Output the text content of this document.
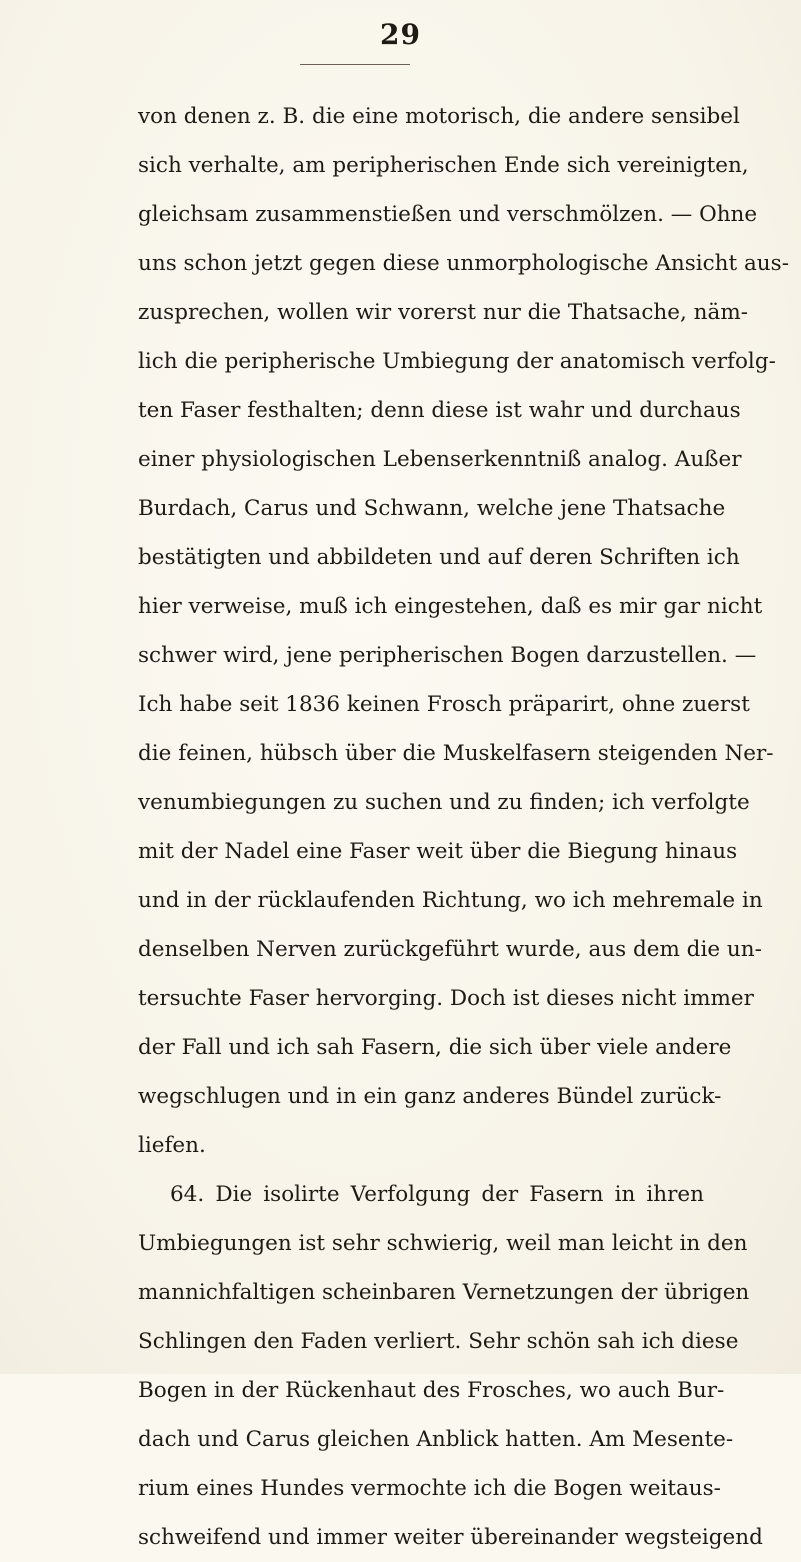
29
von denen z. B. die eine motorisch, die andere sensibel
sich verhalte, am peripherischen Ende sich vereinigten,
gleichsam zusammenstießen und verschmölzen. — Ohne
uns schon jetzt gegen diese unmorphologische Ansicht aus-
zusprechen, wollen wir vorerst nur die Thatsache, näm-
lich die peripherische Umbiegung der anatomisch verfolg-
ten Faser festhalten; denn diese ist wahr und durchaus
einer physiologischen Lebenserkenntniß analog. Außer
Burdach, Carus und Schwann, welche jene Thatsache
bestätigten und abbildeten und auf deren Schriften ich
hier verweise, muß ich eingestehen, daß es mir gar nicht
schwer wird, jene peripherischen Bogen darzustellen. —
Ich habe seit 1836 keinen Frosch präparirt, ohne zuerst
die feinen, hübsch über die Muskelfasern steigenden Ner-
venumbiegungen zu suchen und zu finden; ich verfolgte
mit der Nadel eine Faser weit über die Biegung hinaus
und in der rücklaufenden Richtung, wo ich mehremale in
denselben Nerven zurückgeführt wurde, aus dem die un-
tersuchte Faser hervorging. Doch ist dieses nicht immer
der Fall und ich sah Fasern, die sich über viele andere
wegschlugen und in ein ganz anderes Bündel zurück-
liefen.
64. Die isolirte Verfolgung der Fasern in ihren
Umbiegungen ist sehr schwierig, weil man leicht in den
mannichfaltigen scheinbaren Vernetzungen der übrigen
Schlingen den Faden verliert. Sehr schön sah ich diese
Bogen in der Rückenhaut des Frosches, wo auch Bur-
dach und Carus gleichen Anblick hatten. Am Mesente-
rium eines Hundes vermochte ich die Bogen weitaus-
schweifend und immer weiter übereinander wegsteigend
